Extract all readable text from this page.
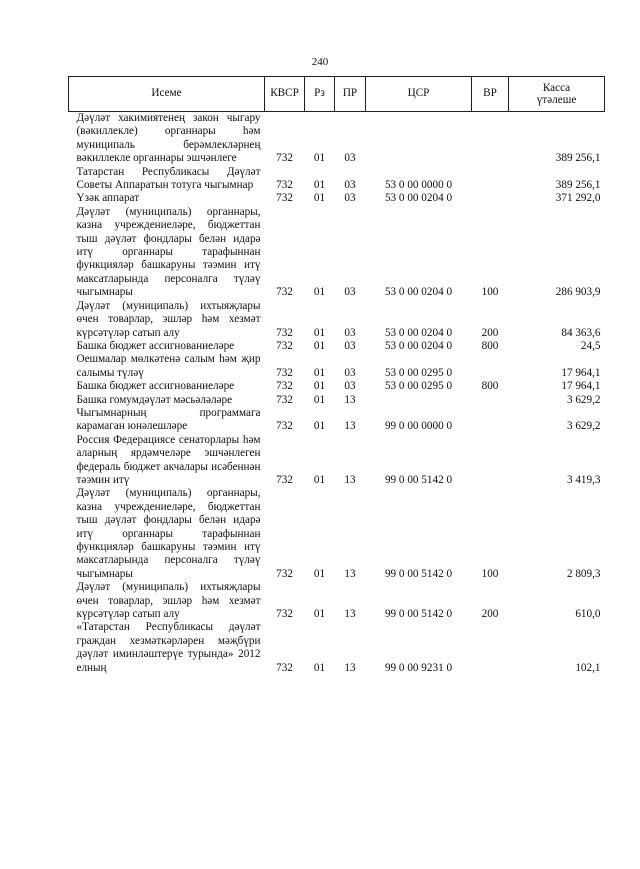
240
Исеме	КВСР	Рз	ПР	ЦСР	ВР	Касса
үтәлеше
Дәүләт хакимиятенең закон чыгару (вәкиллекле) органнары һәм муниципаль берәмлекләрнең вәкиллекле органнары эшчәнлеге	732	01	03			389 256,1
Татарстан Республикасы Дәүләт Советы Аппаратын тотуга чыгымнар	732	01	03	53 0 00 0000 0		389 256,1
Үзәк аппарат	732	01	03	53 0 00 0204 0		371 292,0
Дәүләт (муниципаль) органнары, казна учреждениеләре, бюджеттан тыш дәүләт фондлары белән идарә итү органнары тарафыннан функцияләр башкаруны тәэмин итү максатларында персоналга түләү чыгымнары	732	01	03	53 0 00 0204 0	100	286 903,9
Дәүләт (муниципаль) ихтыяҗлары өчен товарлар, эшләр һәм хезмәт күрсәтүләр сатып алу	732	01	03	53 0 00 0204 0	200	84 363,6
Башка бюджет ассигнованиеләре	732	01	03	53 0 00 0204 0	800	24,5
Оешмалар мөлкәтенә салым һәм җир салымы түләү	732	01	03	53 0 00 0295 0		17 964,1
Башка бюджет ассигнованиеләре	732	01	03	53 0 00 0295 0	800	17 964,1
Башка гомумдәүләт мәсьәләләре	732	01	13			3 629,2
Чыгымнарның программага карамаган юнәлешләре	732	01	13	99 0 00 0000 0		3 629,2
Россия Федерациясе сенаторлары һәм аларның ярдәмчеләре эшчәнлеген федераль бюджет акчалары исәбеннән тәэмин итү	732	01	13	99 0 00 5142 0		3 419,3
Дәүләт (муниципаль) органнары, казна учреждениеләре, бюджеттан тыш дәүләт фондлары белән идарә итү органнары тарафыннан функцияләр башкаруны тәэмин итү максатларында персоналга түләү чыгымнары	732	01	13	99 0 00 5142 0	100	2 809,3
Дәүләт (муниципаль) ихтыяҗлары өчен товарлар, эшләр һәм хезмәт күрсәтүләр сатып алу	732	01	13	99 0 00 5142 0	200	610,0
«Татарстан Республикасы дәүләт граждан хезмәткәрләрен мәҗбүри дәүләт иминләштерүе турында» 2012 елның	732	01	13	99 0 00 9231 0		102,1
